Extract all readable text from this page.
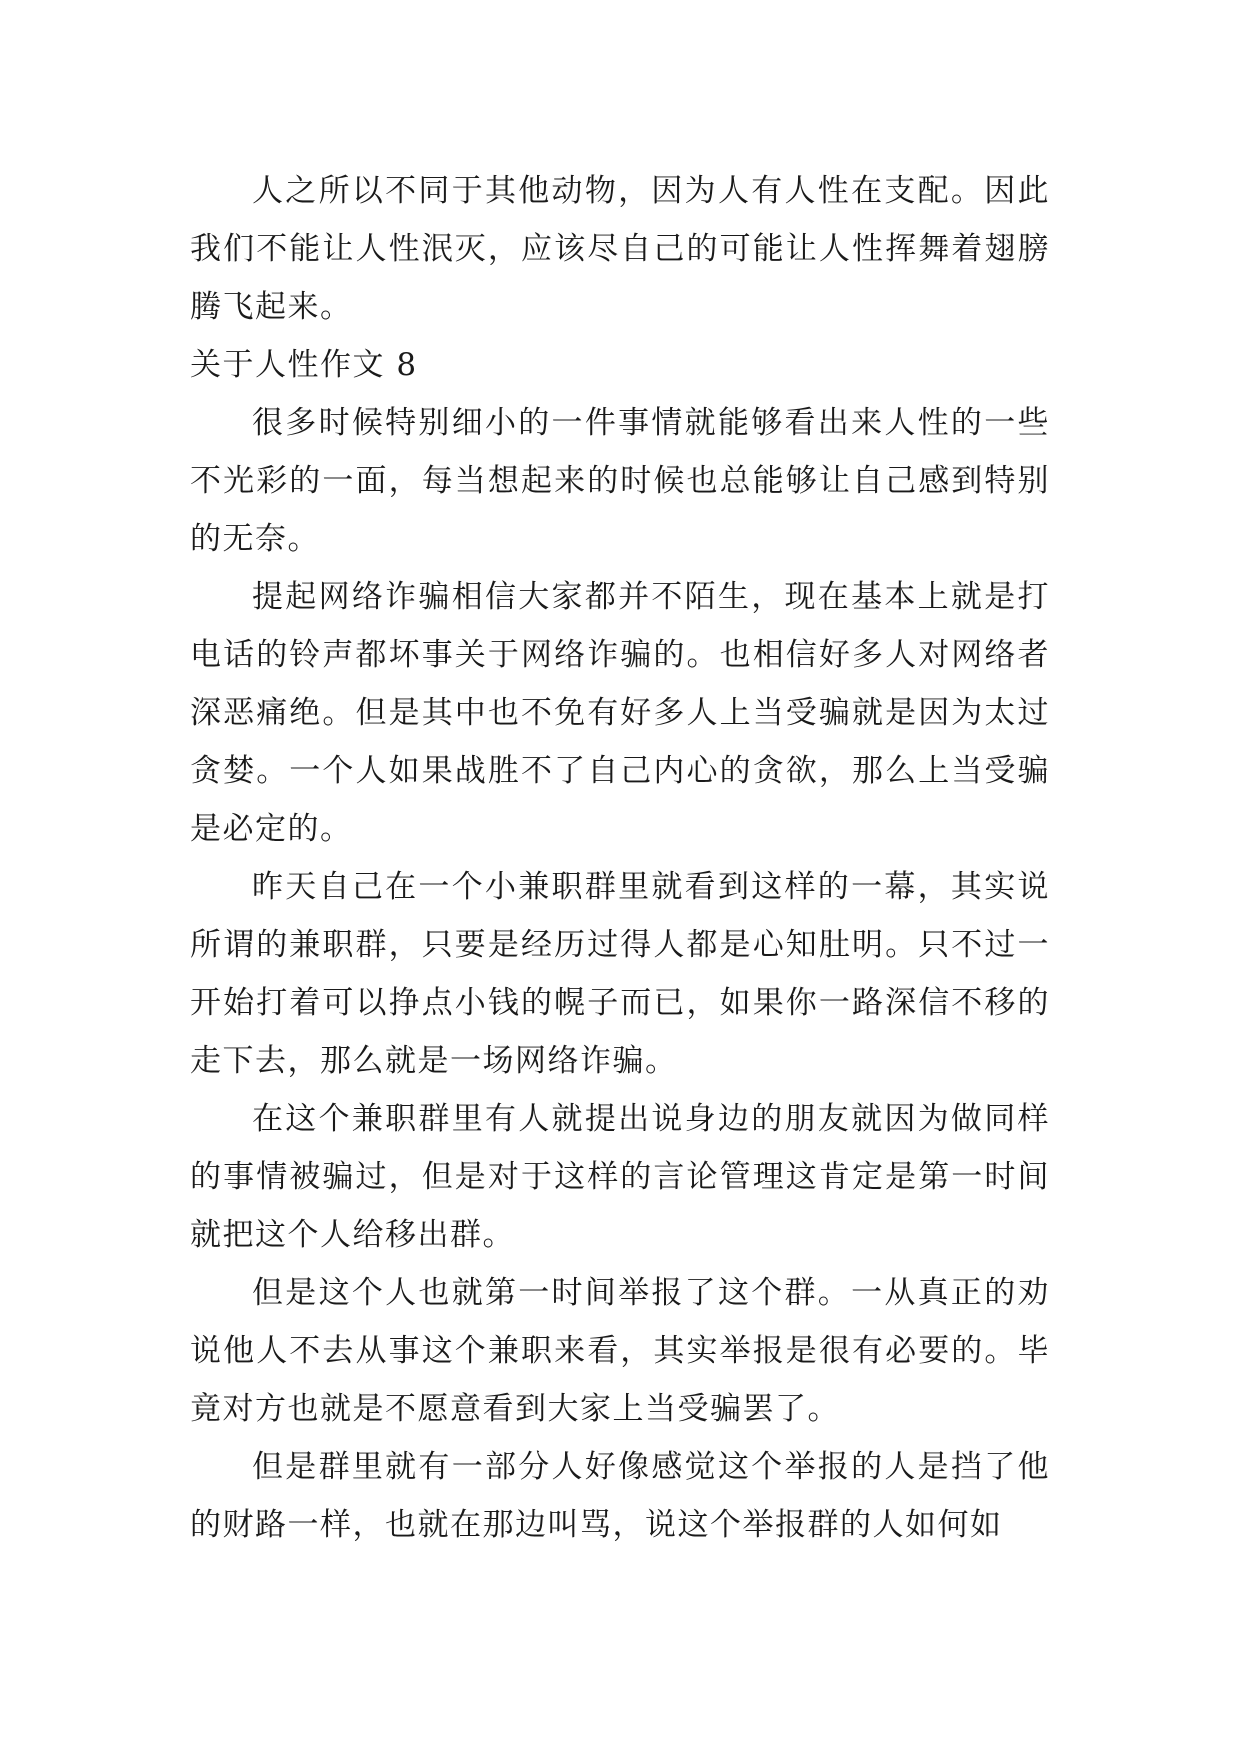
人之所以不同于其他动物，因为人有人性在支配。因此我们不能让人性泯灭，应该尽自己的可能让人性挥舞着翅膀腾飞起来。

关于人性作文 8

很多时候特别细小的一件事情就能够看出来人性的一些不光彩的一面，每当想起来的时候也总能够让自己感到特别的无奈。

提起网络诈骗相信大家都并不陌生，现在基本上就是打电话的铃声都坏事关于网络诈骗的。也相信好多人对网络者深恶痛绝。但是其中也不免有好多人上当受骗就是因为太过贪婪。一个人如果战胜不了自己内心的贪欲，那么上当受骗是必定的。

昨天自己在一个小兼职群里就看到这样的一幕，其实说所谓的兼职群，只要是经历过得人都是心知肚明。只不过一开始打着可以挣点小钱的幌子而已，如果你一路深信不移的走下去，那么就是一场网络诈骗。

在这个兼职群里有人就提出说身边的朋友就因为做同样的事情被骗过，但是对于这样的言论管理这肯定是第一时间就把这个人给移出群。

但是这个人也就第一时间举报了这个群。一从真正的劝说他人不去从事这个兼职来看，其实举报是很有必要的。毕竟对方也就是不愿意看到大家上当受骗罢了。

但是群里就有一部分人好像感觉这个举报的人是挡了他的财路一样，也就在那边叫骂，说这个举报群的人如何如
